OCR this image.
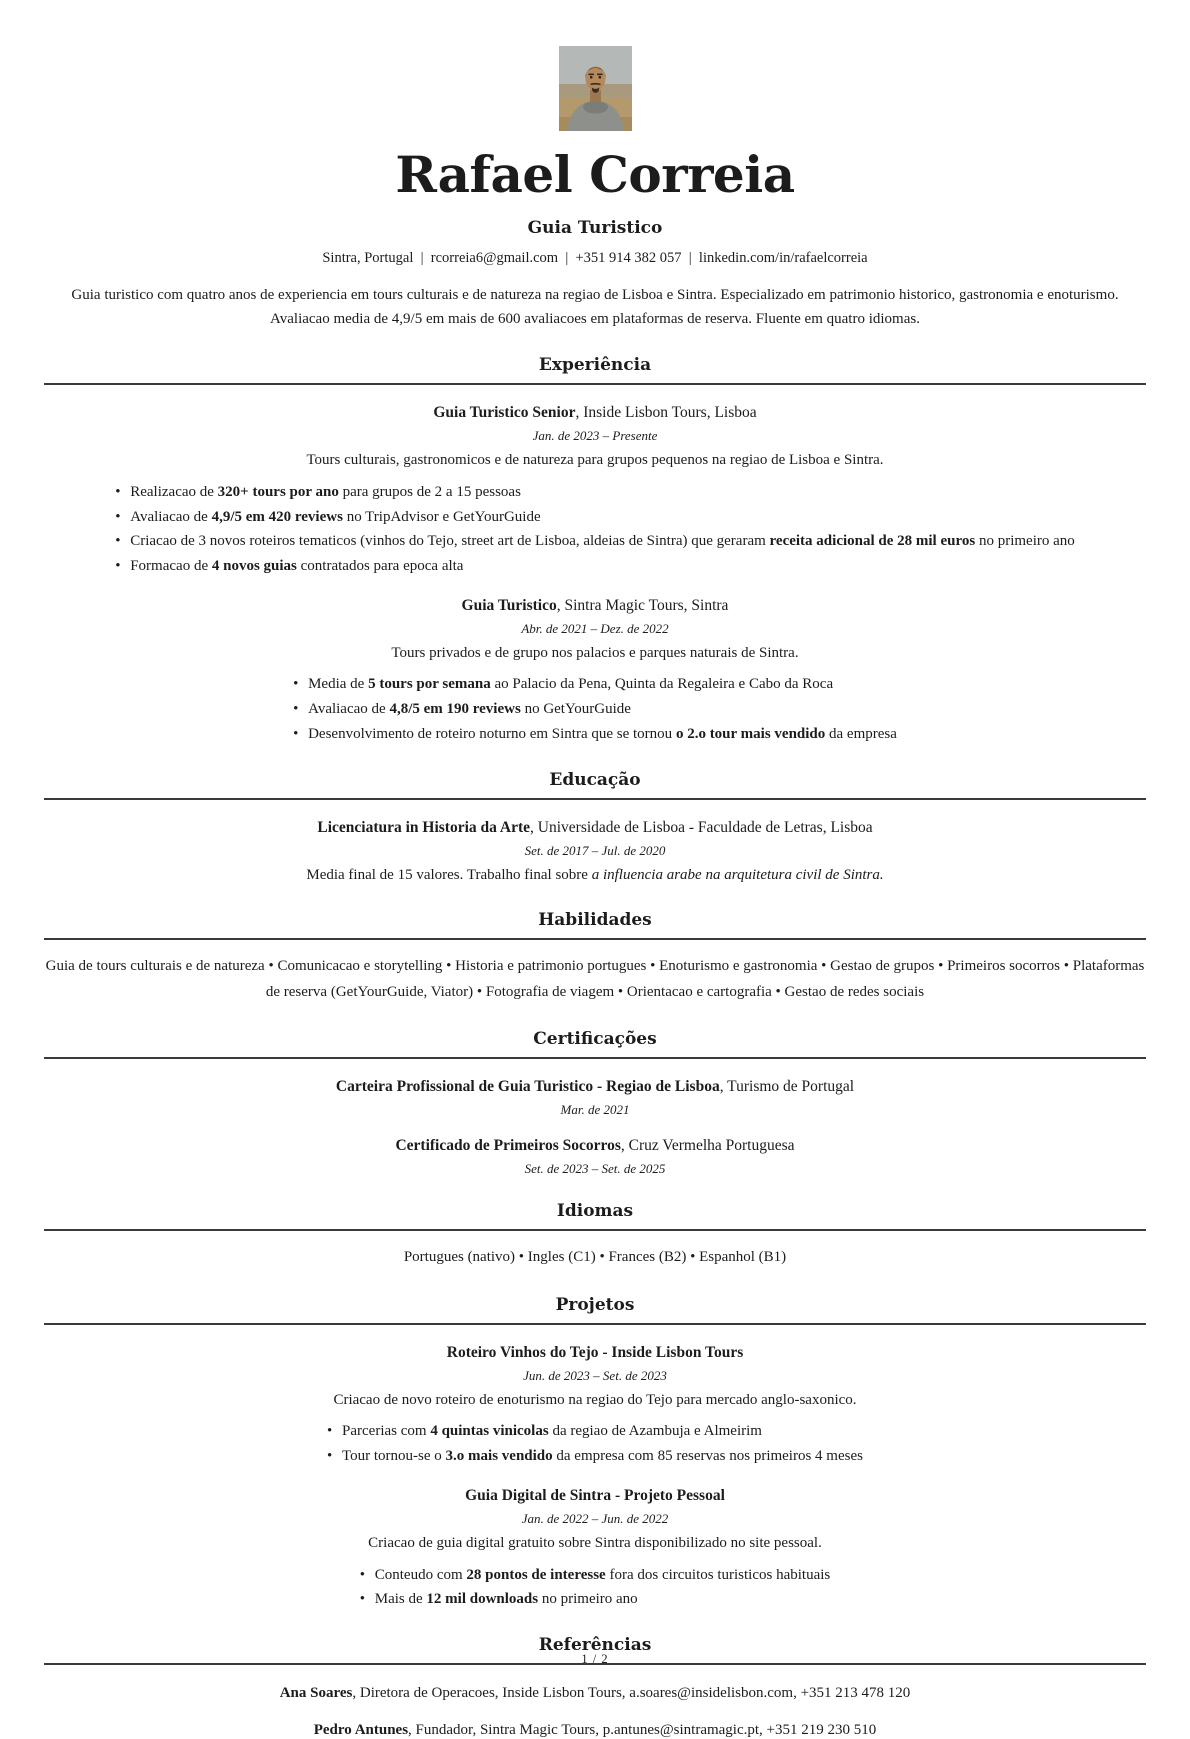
Rafael Correia
Guia Turistico
Sintra, Portugal  |  rcorreia6@gmail.com  |  +351 914 382 057  |  linkedin.com/in/rafaelcorreia

Guia turistico com quatro anos de experiencia em tours culturais e de natureza na regiao de Lisboa e Sintra. Especializado em patrimonio historico, gastronomia e enoturismo. Avaliacao media de 4,9/5 em mais de 600 avaliacoes em plataformas de reserva. Fluente em quatro idiomas.

Experiência
Guia Turistico Senior, Inside Lisbon Tours, Lisboa
Jan. de 2023 – Presente
Tours culturais, gastronomicos e de natureza para grupos pequenos na regiao de Lisboa e Sintra.
• Realizacao de 320+ tours por ano para grupos de 2 a 15 pessoas
• Avaliacao de 4,9/5 em 420 reviews no TripAdvisor e GetYourGuide
• Criacao de 3 novos roteiros tematicos (vinhos do Tejo, street art de Lisboa, aldeias de Sintra) que geraram receita adicional de 28 mil euros no primeiro ano
• Formacao de 4 novos guias contratados para epoca alta
Guia Turistico, Sintra Magic Tours, Sintra
Abr. de 2021 – Dez. de 2022
Tours privados e de grupo nos palacios e parques naturais de Sintra.
• Media de 5 tours por semana ao Palacio da Pena, Quinta da Regaleira e Cabo da Roca
• Avaliacao de 4,8/5 em 190 reviews no GetYourGuide
• Desenvolvimento de roteiro noturno em Sintra que se tornou o 2.o tour mais vendido da empresa
Educação
Licenciatura in Historia da Arte, Universidade de Lisboa - Faculdade de Letras, Lisboa
Set. de 2017 – Jul. de 2020
Media final de 15 valores. Trabalho final sobre a influencia arabe na arquitetura civil de Sintra.
Habilidades

Guia de tours culturais e de natureza • Comunicacao e storytelling • Historia e patrimonio portugues • Enoturismo e gastronomia • Gestao de grupos • Primeiros socorros • Plataformas de reserva (GetYourGuide, Viator) • Fotografia de viagem • Orientacao e cartografia • Gestao de redes sociais

Certificações
Carteira Profissional de Guia Turistico - Regiao de Lisboa, Turismo de Portugal
Mar. de 2021
Certificado de Primeiros Socorros, Cruz Vermelha Portuguesa
Set. de 2023 – Set. de 2025
Idiomas

Portugues (nativo) • Ingles (C1) • Frances (B2) • Espanhol (B1)

Projetos
Roteiro Vinhos do Tejo - Inside Lisbon Tours
Jun. de 2023 – Set. de 2023
Criacao de novo roteiro de enoturismo na regiao do Tejo para mercado anglo-saxonico.
• Parcerias com 4 quintas vinicolas da regiao de Azambuja e Almeirim
• Tour tornou-se o 3.o mais vendido da empresa com 85 reservas nos primeiros 4 meses
Guia Digital de Sintra - Projeto Pessoal
Jan. de 2022 – Jun. de 2022
Criacao de guia digital gratuito sobre Sintra disponibilizado no site pessoal.
• Conteudo com 28 pontos de interesse fora dos circuitos turisticos habituais
• Mais de 12 mil downloads no primeiro ano
Referências
Ana Soares, Diretora de Operacoes, Inside Lisbon Tours, a.soares@insidelisbon.com, +351 213 478 120
Pedro Antunes, Fundador, Sintra Magic Tours, p.antunes@sintramagic.pt, +351 219 230 510
1 / 2
